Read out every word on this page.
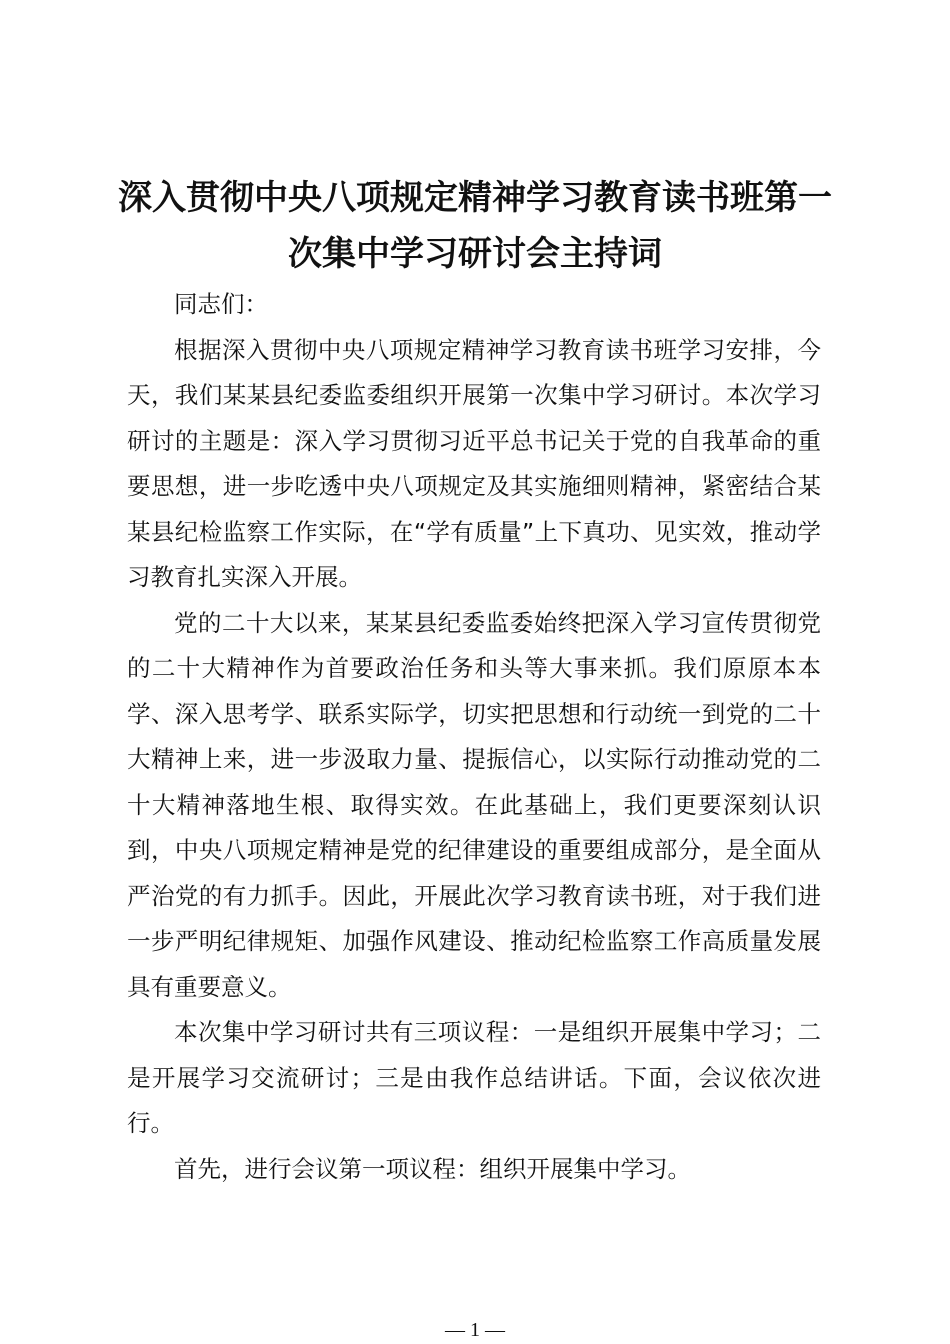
深入贯彻中央八项规定精神学习教育读书班第一次集中学习研讨会主持词

同志们：

根据深入贯彻中央八项规定精神学习教育读书班学习安排，今天，我们某某县纪委监委组织开展第一次集中学习研讨。本次学习研讨的主题是：深入学习贯彻习近平总书记关于党的自我革命的重要思想，进一步吃透中央八项规定及其实施细则精神，紧密结合某某县纪检监察工作实际，在“学有质量”上下真功、见实效，推动学习教育扎实深入开展。

党的二十大以来，某某县纪委监委始终把深入学习宣传贯彻党的二十大精神作为首要政治任务和头等大事来抓。我们原原本本学、深入思考学、联系实际学，切实把思想和行动统一到党的二十大精神上来，进一步汲取力量、提振信心，以实际行动推动党的二十大精神落地生根、取得实效。在此基础上，我们更要深刻认识到，中央八项规定精神是党的纪律建设的重要组成部分，是全面从严治党的有力抓手。因此，开展此次学习教育读书班，对于我们进一步严明纪律规矩、加强作风建设、推动纪检监察工作高质量发展具有重要意义。

本次集中学习研讨共有三项议程：一是组织开展集中学习；二是开展学习交流研讨；三是由我作总结讲话。下面，会议依次进行。

首先，进行会议第一项议程：组织开展集中学习。

— 1 —
